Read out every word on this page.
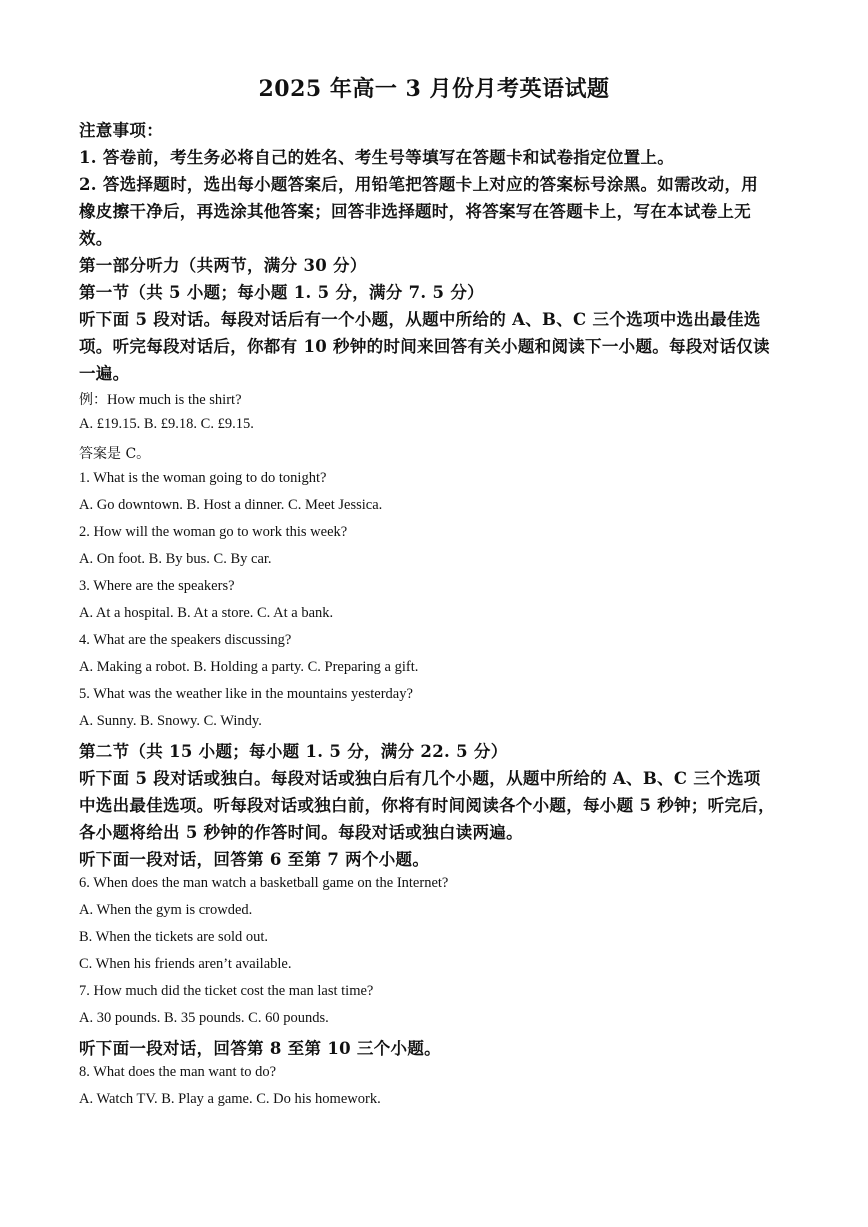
2025 年高一 3 月份月考英语试题
注意事项：
1. 答卷前，考生务必将自己的姓名、考生号等填写在答题卡和试卷指定位置上。
2. 答选择题时，选出每小题答案后，用铅笔把答题卡上对应的答案标号涂黑。如需改动，用
橡皮擦干净后，再选涂其他答案；回答非选择题时，将答案写在答题卡上，写在本试卷上无
效。
第一部分听力（共两节，满分 30 分）
第一节（共 5 小题；每小题 1. 5 分，满分 7. 5 分）
听下面 5 段对话。每段对话后有一个小题，从题中所给的 A、B、C 三个选项中选出最佳选
项。听完每段对话后，你都有 10 秒钟的时间来回答有关小题和阅读下一小题。每段对话仅读
一遍。
例：How much is the shirt?
A. £19.15. B. £9.18. C. £9.15.
答案是 C。
1. What is the woman going to do tonight?
A. Go downtown. B. Host a dinner. C. Meet Jessica.
2. How will the woman go to work this week?
A. On foot. B. By bus. C. By car.
3. Where are the speakers?
A. At a hospital. B. At a store. C. At a bank.
4. What are the speakers discussing?
A. Making a robot. B. Holding a party. C. Preparing a gift.
5. What was the weather like in the mountains yesterday?
A. Sunny. B. Snowy. C. Windy.
第二节（共 15 小题；每小题 1. 5 分，满分 22. 5 分）
听下面 5 段对话或独白。每段对话或独白后有几个小题，从题中所给的 A、B、C 三个选项
中选出最佳选项。听每段对话或独白前，你将有时间阅读各个小题，每小题 5 秒钟；听完后，
各小题将给出 5 秒钟的作答时间。每段对话或独白读两遍。
听下面一段对话，回答第 6 至第 7 两个小题。
6. When does the man watch a basketball game on the Internet?
A. When the gym is crowded.
B. When the tickets are sold out.
C. When his friends aren’t available.
7. How much did the ticket cost the man last time?
A. 30 pounds. B. 35 pounds. C. 60 pounds.
听下面一段对话，回答第 8 至第 10 三个小题。
8. What does the man want to do?
A. Watch TV. B. Play a game. C. Do his homework.
